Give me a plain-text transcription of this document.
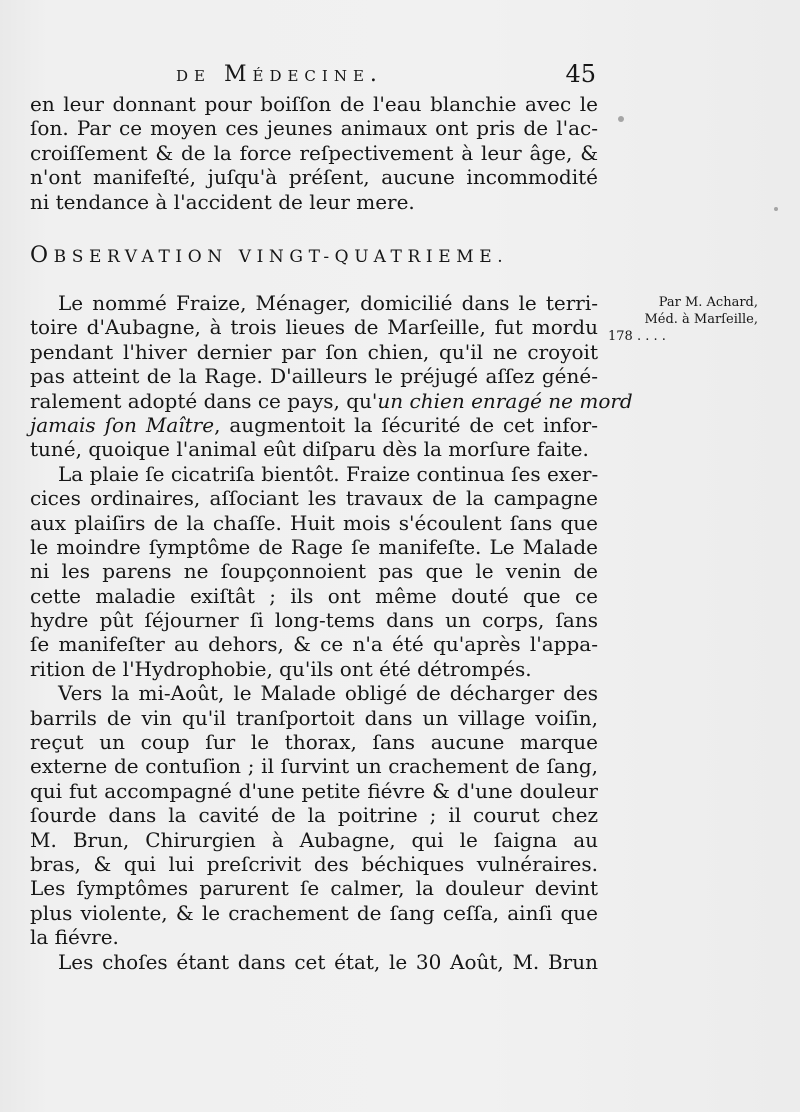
de Médecine.	45
en leur donnant pour boiſſon de l'eau blanchie avec le
ſon. Par ce moyen ces jeunes animaux ont pris de l'ac-
croiſſement & de la force reſpectivement à leur âge, &
n'ont manifeſté, juſqu'à préſent, aucune incommodité
ni tendance à l'accident de leur mere.
OBSERVATION VINGT-QUATRIEME.
Par M. Achard,
Méd. à Marſeille,
178 . . . .
Le nommé Fraize, Ménager, domicilié dans le terri-
toire d'Aubagne, à trois lieues de Marſeille, fut mordu
pendant l'hiver dernier par ſon chien, qu'il ne croyoit
pas atteint de la Rage. D'ailleurs le préjugé aſſez géné-
ralement adopté dans ce pays, qu'un chien enragé ne mord
jamais ſon Maître, augmentoit la ſécurité de cet infor-
tuné, quoique l'animal eût diſparu dès la morſure faite.
La plaie ſe cicatriſa bientôt. Fraize continua ſes exer-
cices ordinaires, aſſociant les travaux de la campagne
aux plaiſirs de la chaſſe. Huit mois s'écoulent ſans que
le moindre ſymptôme de Rage ſe manifeſte. Le Malade
ni les parens ne ſoupçonnoient pas que le venin de
cette maladie exiſtât ; ils ont même douté que ce
hydre pût ſéjourner ſi long-tems dans un corps, ſans
ſe manifeſter au dehors, & ce n'a été qu'après l'appa-
rition de l'Hydrophobie, qu'ils ont été détrompés.
Vers la mi-Août, le Malade obligé de décharger des
barrils de vin qu'il tranſportoit dans un village voiſin,
reçut un coup ſur le thorax, ſans aucune marque
externe de contuſion ; il ſurvint un crachement de ſang,
qui fut accompagné d'une petite fiévre & d'une douleur
ſourde dans la cavité de la poitrine ; il courut chez
M. Brun, Chirurgien à Aubagne, qui le ſaigna au
bras, & qui lui preſcrivit des béchiques vulnéraires.
Les ſymptômes parurent ſe calmer, la douleur devint
plus violente, & le crachement de ſang ceſſa, ainſi que
la fiévre.
Les choſes étant dans cet état, le 30 Août, M. Brun
